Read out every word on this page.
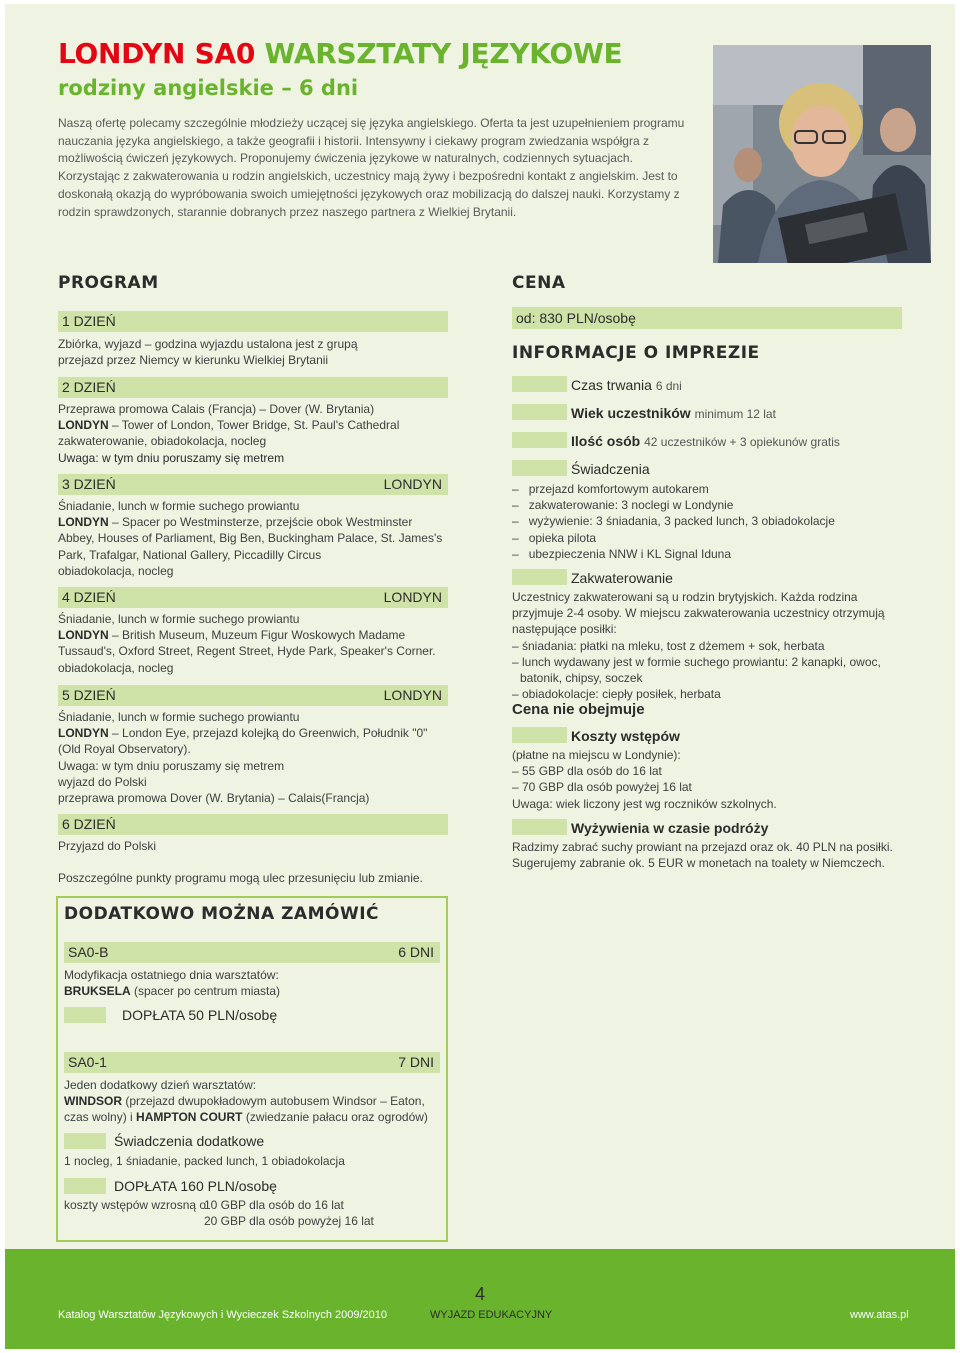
LONDYN SA0 WARSZTATY JĘZYKOWE
rodziny angielskie – 6 dni
Naszą ofertę polecamy szczególnie młodzieży uczącej się języka angielskiego. Oferta ta jest uzupełnieniem programu nauczania języka angielskiego, a także geografii i historii. Intensywny i ciekawy program zwiedzania współgra z możliwością ćwiczeń językowych. Proponujemy ćwiczenia językowe w naturalnych, codziennych sytuacjach. Korzystając z zakwaterowania u rodzin angielskich, uczestnicy mają żywy i bezpośredni kontakt z angielskim. Jest to doskonałą okazją do wypróbowania swoich umiejętności językowych oraz mobilizacją do dalszej nauki. Korzystamy z rodzin sprawdzonych, starannie dobranych przez naszego partnera z Wielkiej Brytanii.
PROGRAM
1 DZIEŃ
Zbiórka, wyjazd – godzina wyjazdu ustalona jest z grupą
przejazd przez Niemcy w kierunku Wielkiej Brytanii
2 DZIEŃ
Przeprawa promowa Calais (Francja) – Dover (W. Brytania)
LONDYN – Tower of London, Tower Bridge, St. Paul's Cathedral
zakwaterowanie, obiadokolacja, nocleg
Uwaga: w tym dniu poruszamy się metrem
3 DZIEŃ	LONDYN
Śniadanie, lunch w formie suchego prowiantu
LONDYN – Spacer po Westminsterze, przejście obok Westminster Abbey, Houses of Parliament, Big Ben, Buckingham Palace, St. James's Park, Trafalgar, National Gallery, Piccadilly Circus
obiadokolacja, nocleg
4 DZIEŃ	LONDYN
Śniadanie, lunch w formie suchego prowiantu
LONDYN – British Museum, Muzeum Figur Woskowych Madame Tussaud's, Oxford Street, Regent Street, Hyde Park, Speaker's Corner.
obiadokolacja, nocleg
5 DZIEŃ	LONDYN
Śniadanie, lunch w formie suchego prowiantu
LONDYN – London Eye, przejazd kolejką do Greenwich, Południk "0" (Old Royal Observatory).
Uwaga: w tym dniu poruszamy się metrem
wyjazd do Polski
przeprawa promowa Dover (W. Brytania) – Calais(Francja)
6 DZIEŃ
Przyjazd do Polski
Poszczególne punkty programu mogą ulec przesunięciu lub zmianie.
CENA
od: 830 PLN/osobę
INFORMACJE O IMPREZIE
Czas trwania 6 dni
Wiek uczestników minimum 12 lat
Ilość osób 42 uczestników + 3 opiekunów gratis
Świadczenia
–   przejazd komfortowym autokarem
–   zakwaterowanie: 3 noclegi w Londynie
–   wyżywienie: 3 śniadania, 3 packed lunch, 3 obiadokolacje
–   opieka pilota
–   ubezpieczenia NNW i KL Signal Iduna
Zakwaterowanie
Uczestnicy zakwaterowani są u rodzin brytyjskich. Każda rodzina przyjmuje 2-4 osoby. W miejscu zakwaterowania uczestnicy otrzymują następujące posiłki:
– śniadania: płatki na mleku, tost z dżemem + sok, herbata
– lunch wydawany jest w formie suchego prowiantu: 2 kanapki, owoc, batonik, chipsy, soczek
– obiadokolacje: ciepły posiłek, herbata
Cena nie obejmuje
Koszty wstępów
(płatne na miejscu w Londynie):
– 55 GBP dla osób do 16 lat
– 70 GBP dla osób powyżej 16 lat
Uwaga: wiek liczony jest wg roczników szkolnych.
Wyżywienia w czasie podróży
Radzimy zabrać suchy prowiant na przejazd oraz ok. 40 PLN na posiłki. Sugerujemy zabranie ok. 5 EUR w monetach na toalety w Niemczech.
DODATKOWO MOŻNA ZAMÓWIĆ
SA0-B	6 DNI
Modyfikacja ostatniego dnia warsztatów:
BRUKSELA (spacer po centrum miasta)
DOPŁATA 50 PLN/osobę
SA0-1	7 DNI
Jeden dodatkowy dzień warsztatów:
WINDSOR (przejazd dwupokładowym autobusem Windsor – Eaton, czas wolny) i HAMPTON COURT (zwiedzanie pałacu oraz ogrodów)
Świadczenia dodatkowe
1 nocleg, 1 śniadanie, packed lunch, 1 obiadokolacja
DOPŁATA 160 PLN/osobę
koszty wstępów wzrosną o:
10 GBP dla osób do 16 lat
20 GBP dla osób powyżej 16 lat
4
Katalog Warsztatów Językowych i Wycieczek Szkolnych 2009/2010	WYJAZD EDUKACYJNY	www.atas.pl
